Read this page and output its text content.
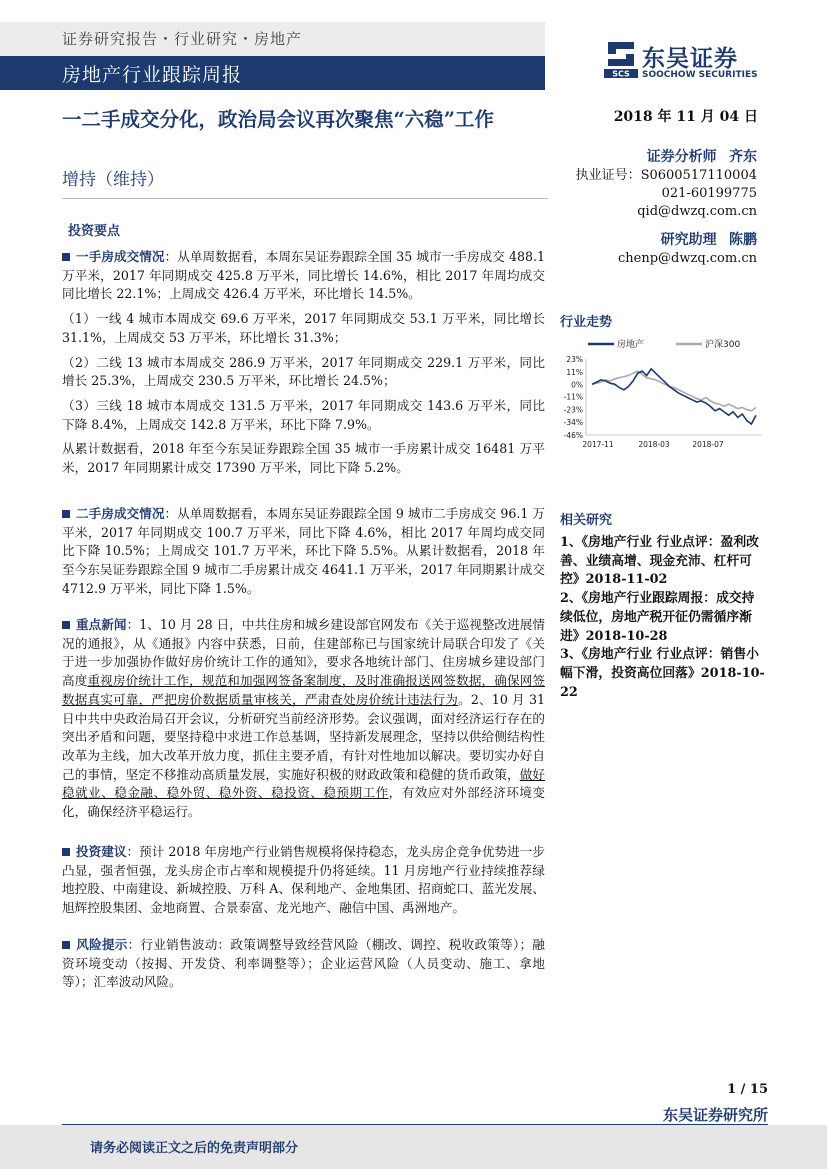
证券研究报告・行业研究・房地产
房地产行业跟踪周报	SCS
东吴证券
SOOCHOW SECURITIES
一二手成交分化，政治局会议再次聚焦“六稳”工作
增持（维持）
2018 年 11 月 04 日
证券分析师 齐东
执业证号：S0600517110004
021-60199775
qid@dwzq.com.cn
研究助理 陈鹏
chenp@dwzq.com.cn
投资要点

一手房成交情况：从单周数据看，本周东吴证券跟踪全国 35 城市一手房成交 488.1 万平米，2017 年同期成交 425.8 万平米，同比增长 14.6%，相比 2017 年周均成交同比增长 22.1%；上周成交 426.4 万平米，环比增长 14.5%。

（1）一线 4 城市本周成交 69.6 万平米，2017 年同期成交 53.1 万平米，同比增长 31.1%，上周成交 53 万平米，环比增长 31.3%；

（2）二线 13 城市本周成交 286.9 万平米，2017 年同期成交 229.1 万平米，同比增长 25.3%，上周成交 230.5 万平米，环比增长 24.5%；

（3）三线 18 城市本周成交 131.5 万平米，2017 年同期成交 143.6 万平米，同比下降 8.4%，上周成交 142.8 万平米，环比下降 7.9%。

从累计数据看，2018 年至今东吴证券跟踪全国 35 城市一手房累计成交 16481 万平米，2017 年同期累计成交 17390 万平米，同比下降 5.2%。

二手房成交情况：从单周数据看，本周东吴证券跟踪全国 9 城市二手房成交 96.1 万平米，2017 年同期成交 100.7 万平米，同比下降 4.6%，相比 2017 年周均成交同比下降 10.5%；上周成交 101.7 万平米，环比下降 5.5%。从累计数据看，2018 年至今东吴证券跟踪全国 9 城市二手房累计成交 4641.1 万平米，2017 年同期累计成交 4712.9 万平米，同比下降 1.5%。

重点新闻：1、10 月 28 日，中共住房和城乡建设部官网发布《关于巡视整改进展情况的通报》，从《通报》内容中获悉，日前，住建部称已与国家统计局联合印发了《关于进一步加强协作做好房价统计工作的通知》，要求各地统计部门、住房城乡建设部门高度重视房价统计工作，规范和加强网签备案制度，及时准确报送网签数据，确保网签数据真实可靠，严把房价数据质量审核关，严肃查处房价统计违法行为。2、10 月 31 日中共中央政治局召开会议，分析研究当前经济形势。会议强调，面对经济运行存在的突出矛盾和问题，要坚持稳中求进工作总基调，坚持新发展理念，坚持以供给侧结构性改革为主线，加大改革开放力度，抓住主要矛盾，有针对性地加以解决。要切实办好自己的事情，坚定不移推动高质量发展，实施好积极的财政政策和稳健的货币政策，做好稳就业、稳金融、稳外贸、稳外资、稳投资、稳预期工作，有效应对外部经济环境变化，确保经济平稳运行。

投资建议：预计 2018 年房地产行业销售规模将保持稳态，龙头房企竞争优势进一步凸显，强者恒强，龙头房企市占率和规模提升仍将延续。11 月房地产行业持续推荐绿地控股、中南建设、新城控股、万科 A、保利地产、金地集团、招商蛇口、蓝光发展、旭辉控股集团、金地商置、合景泰富、龙光地产、融信中国、禹洲地产。

风险提示：行业销售波动：政策调整导致经营风险（棚改、调控、税收政策等）；融资环境变动（按揭、开发贷、利率调整等）；企业运营风险（人员变动、施工、拿地等）；汇率波动风险。

行业走势
房地产	沪深300
23%
11%
0%
-11%
-23%
-34%
-46%
2017-11	2018-03	2018-07
相关研究
1、《房地产行业 行业点评：盈利改善、业绩高增、现金充沛、杠杆可控》2018-11-02
2、《房地产行业跟踪周报：成交持续低位，房地产税开征仍需循序渐进》2018-10-28
3、《房地产行业 行业点评：销售小幅下滑，投资高位回落》2018-10-22
1 / 15
东吴证券研究所
请务必阅读正文之后的免责声明部分
